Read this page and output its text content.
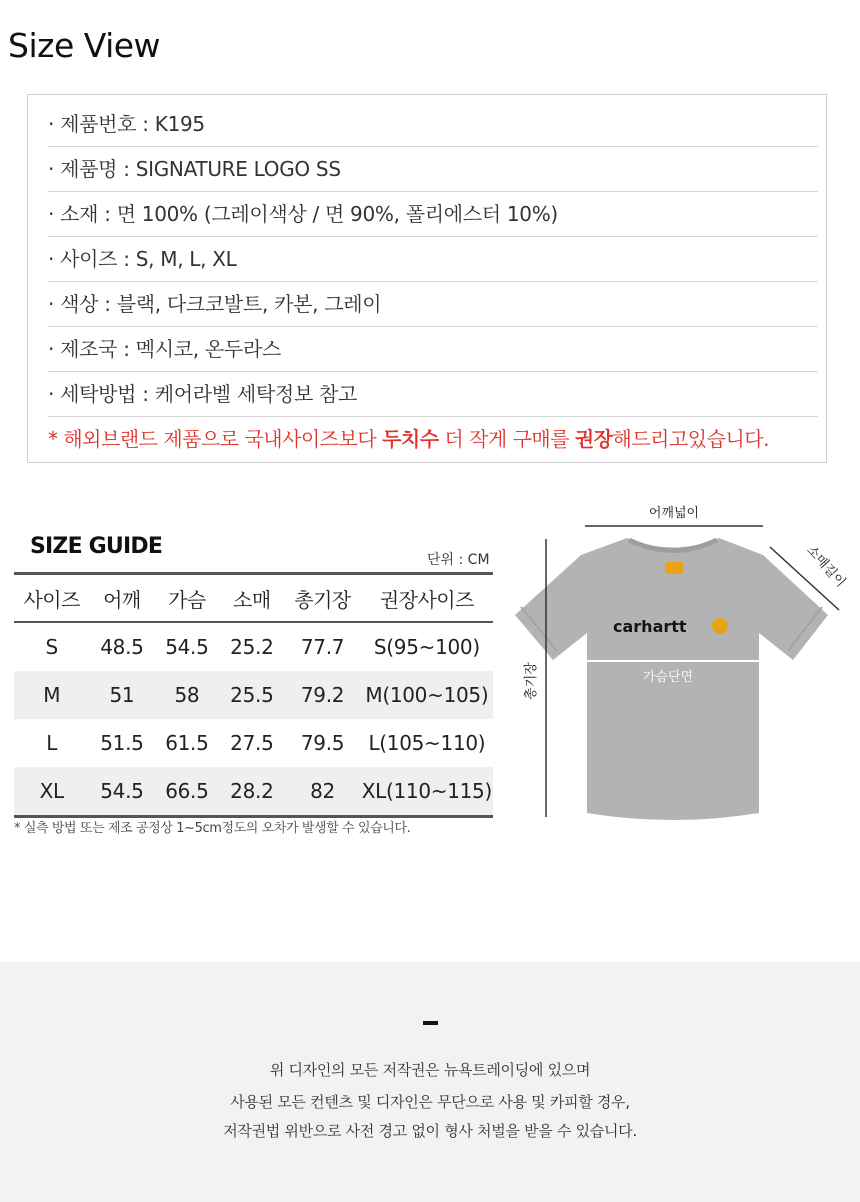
Size View
· 제품번호 : K195
· 제품명 : SIGNATURE LOGO SS
· 소재 : 면 100% (그레이색상 / 면 90%, 폴리에스터 10%)
· 사이즈 : S, M, L, XL
· 색상 : 블랙, 다크코발트, 카본, 그레이
· 제조국 : 멕시코, 온두라스
· 세탁방법 : 케어라벨 세탁정보 참고
* 해외브랜드 제품으로 국내사이즈보다 두치수 더 작게 구매를 권장해드리고있습니다.
SIZE GUIDE
단위 : CM
사이즈	어깨	가슴	소매	총기장	권장사이즈
S	48.5	54.5	25.2	77.7	S(95~100)
M	51	58	25.5	79.2	M(100~105)
L	51.5	61.5	27.5	79.5	L(105~110)
XL	54.5	66.5	28.2	82	XL(110~115)
* 실측 방법 또는 제조 공정상 1~5cm정도의 오차가 발생할 수 있습니다.
carhartt
어깨넓이
소매길이
가슴단면
총기장
위 디자인의 모든 저작권은 뉴욕트레이딩에 있으며
사용된 모든 컨텐츠 및 디자인은 무단으로 사용 및 카피할 경우,
저작권법 위반으로 사전 경고 없이 형사 처벌을 받을 수 있습니다.
